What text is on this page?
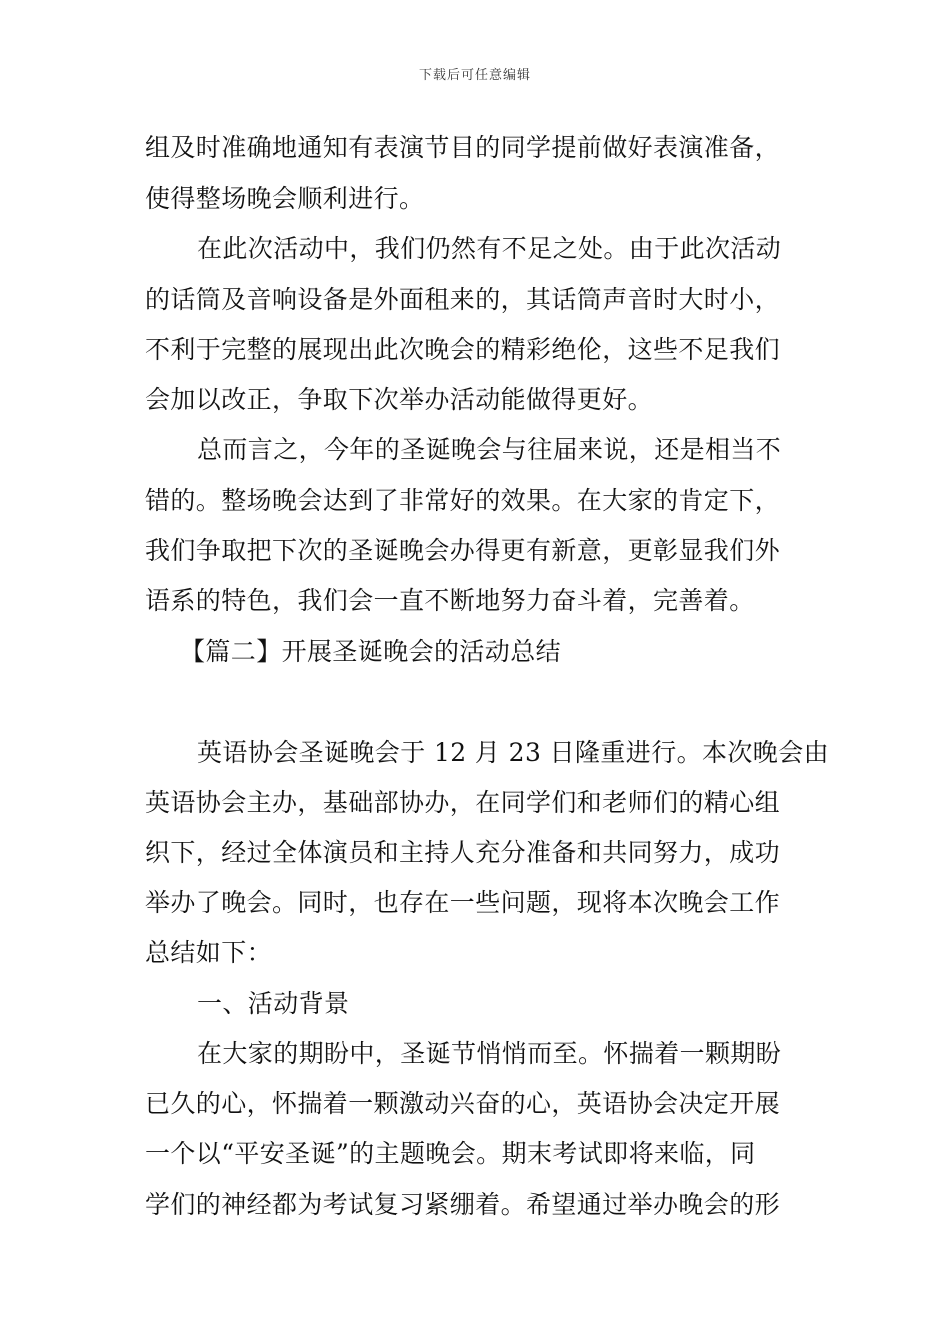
下载后可任意编辑
组及时准确地通知有表演节目的同学提前做好表演准备，
使得整场晚会顺利进行。
在此次活动中，我们仍然有不足之处。由于此次活动
的话筒及音响设备是外面租来的，其话筒声音时大时小，
不利于完整的展现出此次晚会的精彩绝伦，这些不足我们
会加以改正，争取下次举办活动能做得更好。
总而言之，今年的圣诞晚会与往届来说，还是相当不
错的。整场晚会达到了非常好的效果。在大家的肯定下，
我们争取把下次的圣诞晚会办得更有新意，更彰显我们外
语系的特色，我们会一直不断地努力奋斗着，完善着。
【篇二】开展圣诞晚会的活动总结
英语协会圣诞晚会于 12 月 23 日隆重进行。本次晚会由
英语协会主办，基础部协办，在同学们和老师们的精心组
织下，经过全体演员和主持人充分准备和共同努力，成功
举办了晚会。同时，也存在一些问题，现将本次晚会工作
总结如下：
一、活动背景
在大家的期盼中，圣诞节悄悄而至。怀揣着一颗期盼
已久的心，怀揣着一颗激动兴奋的心，英语协会决定开展
一个以“平安圣诞”的主题晚会。期末考试即将来临，同
学们的神经都为考试复习紧绷着。希望通过举办晚会的形
